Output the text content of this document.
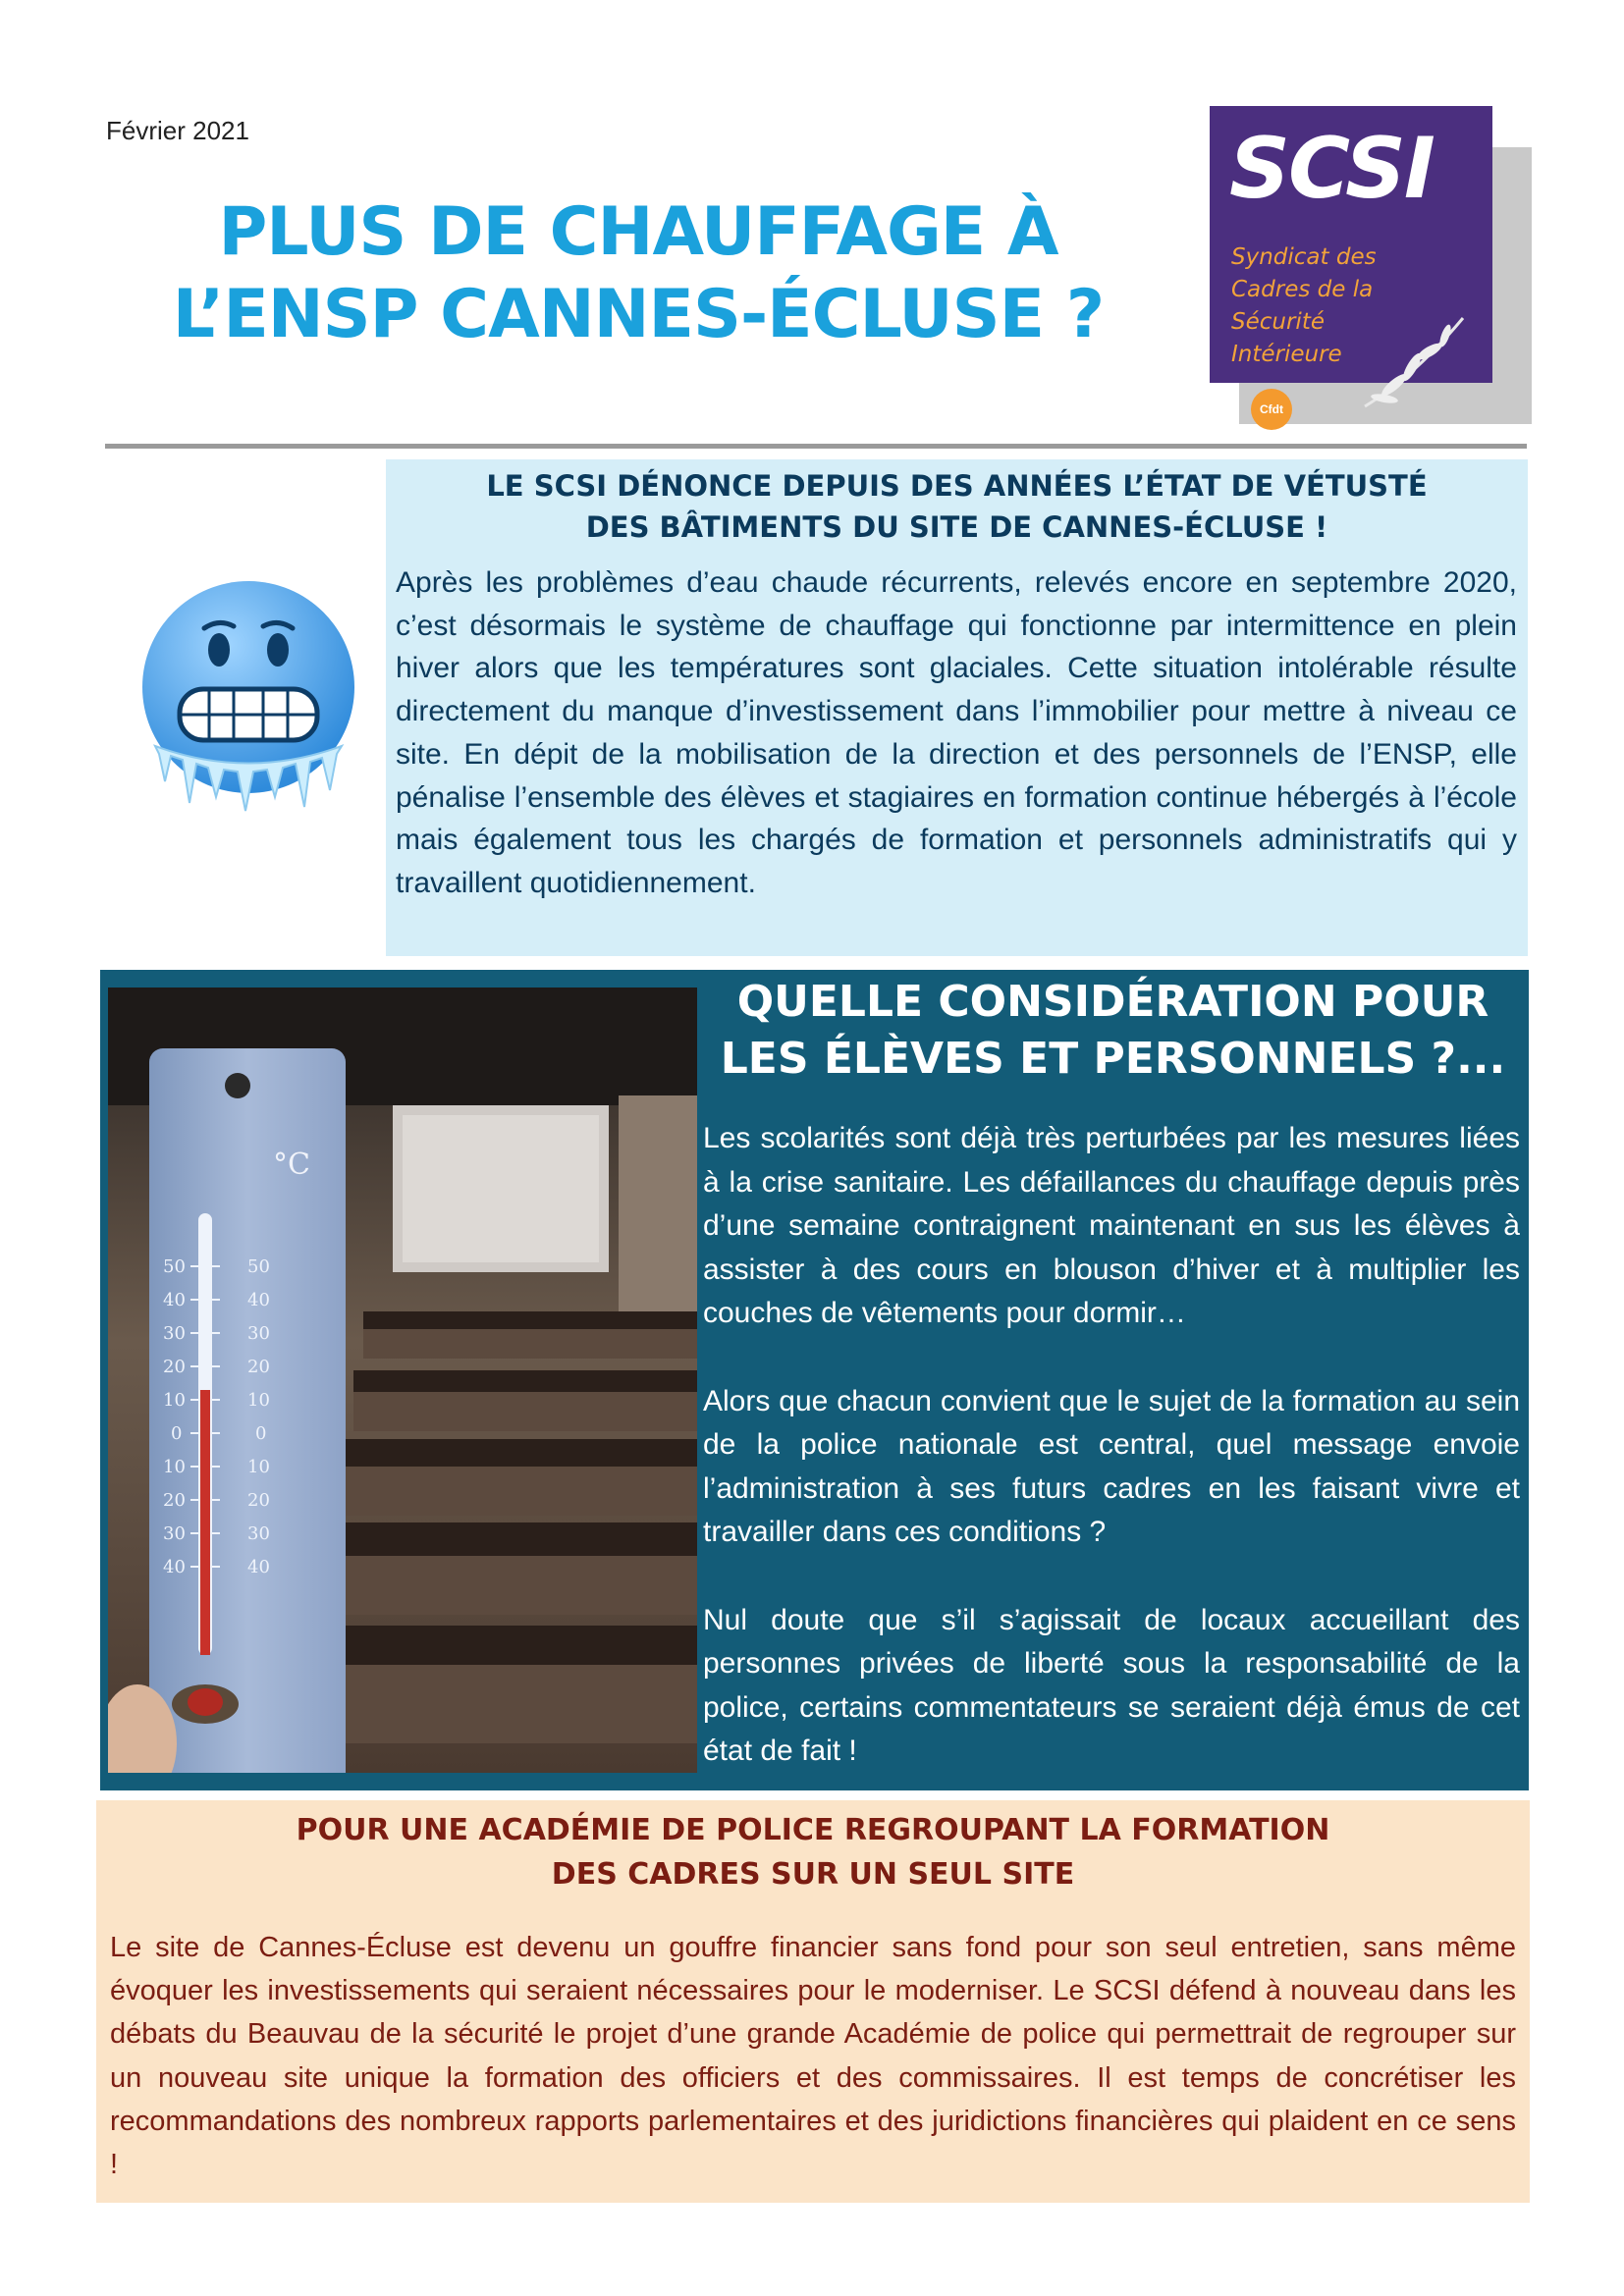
Février 2021
PLUS DE CHAUFFAGE À
L’ENSP CANNES-ÉCLUSE ?
SCSI
Syndicat des
Cadres de la
Sécurité
Intérieure
Cfdt
LE SCSI DÉNONCE DEPUIS DES ANNÉES L’ÉTAT DE VÉTUSTÉ
DES BÂTIMENTS DU SITE DE CANNES-ÉCLUSE !
Après les problèmes d’eau chaude récurrents, relevés encore en septembre 2020, c’est désormais le système de chauffage qui fonctionne par intermittence en plein hiver alors que les températures sont glaciales. Cette situation intolérable résulte directement du manque d’investissement dans l’immobilier pour mettre à niveau ce site. En dépit de la mobilisation de la direction et des personnels de l’ENSP, elle pénalise l’ensemble des élèves et stagiaires en formation continue hébergés à l’école mais également tous les chargés de formation et personnels administratifs qui y travaillent quotidiennement.
°C
50
40
30
20
10
0
10
20
30
40
50
40
30
20
10
0
10
20
30
40
QUELLE CONSIDÉRATION POUR
LES ÉLÈVES ET PERSONNELS ?...

Les scolarités sont déjà très perturbées par les mesures liées à la crise sanitaire. Les défaillances du chauffage depuis près d’une semaine contraignent maintenant en sus les élèves à assister à des cours en blouson d’hiver et à multiplier les couches de vêtements pour dormir…

Alors que chacun convient que le sujet de la formation au sein de la police nationale est central, quel message envoie l’administration à ses futurs cadres en les faisant vivre et travailler dans ces conditions ?

Nul doute que s’il s’agissait de locaux accueillant des personnes privées de liberté sous la responsabilité de la police, certains commentateurs se seraient déjà émus de cet état de fait !

POUR UNE ACADÉMIE DE POLICE REGROUPANT LA FORMATION
DES CADRES SUR UN SEUL SITE
Le site de Cannes-Écluse est devenu un gouffre financier sans fond pour son seul entretien, sans même évoquer les investissements qui seraient nécessaires pour le moderniser. Le SCSI défend à nouveau dans les débats du Beauvau de la sécurité le projet d’une grande Académie de police qui permettrait de regrouper sur un nouveau site unique la formation des officiers et des commissaires. Il est temps de concrétiser les recommandations des nombreux rapports parlementaires et des juridictions financières qui plaident en ce sens !
